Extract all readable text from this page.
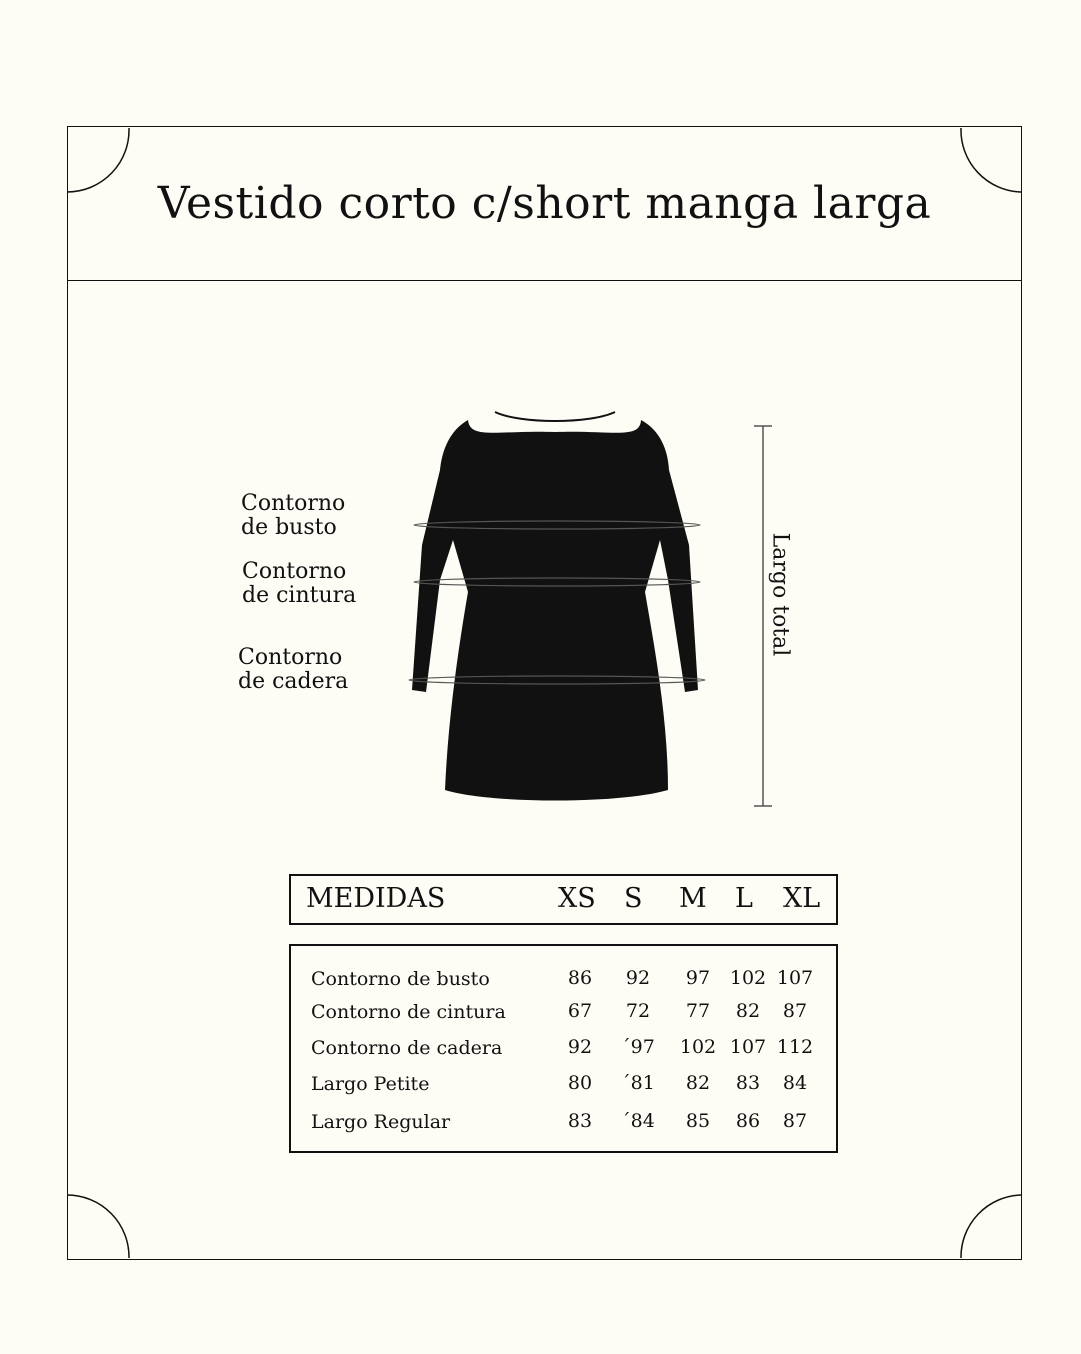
Vestido corto c/short manga larga
Contorno
de busto
Contorno
de cintura
Contorno
de cadera
Largo total
MEDIDAS	XS S M L XL
Contorno de busto	86	92	97	102 107
Contorno de cintura	67	72	77	82	87
Contorno de cadera	92	´97 102 107 112
Largo Petite	80	´81	82	83	84
Largo Regular	83	´84	85	86	87
